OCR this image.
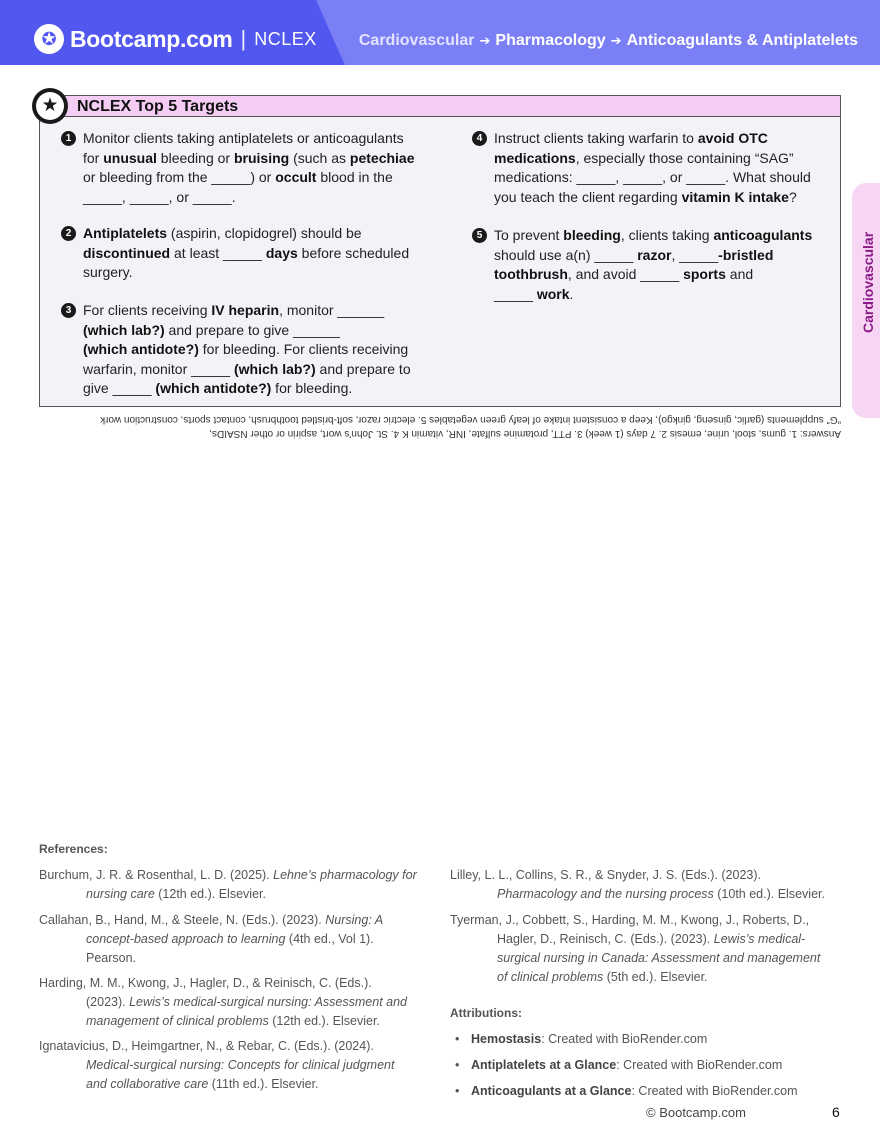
✪ Bootcamp.com | NCLEX	Cardiovascular ➔ Pharmacology ➔ Anticoagulants & Antiplatelets
Cardiovascular
NCLEX Top 5 Targets
★
1 Monitor clients taking antiplatelets or anticoagulants

for unusual bleeding or bruising (such as petechiae

or bleeding from the _____) or occult blood in the

_____, _____, or _____.

2 Antiplatelets (aspirin, clopidogrel) should be

discontinued at least _____ days before scheduled

surgery.

3 For clients receiving IV heparin, monitor ______

(which lab?) and prepare to give ______

(which antidote?) for bleeding. For clients receiving

warfarin, monitor _____ (which lab?) and prepare to

give _____ (which antidote?) for bleeding.

4 Instruct clients taking warfarin to avoid OTC

medications, especially those containing “SAG”

medications: _____, _____, or _____. What should

you teach the client regarding vitamin K intake?

5 To prevent bleeding, clients taking anticoagulants

should use a(n) _____ razor, _____-bristled

toothbrush, and avoid _____ sports and

_____ work.

Answers: 1. gums, stool, urine, emesis 2. 7 days (1 week) 3. PTT, protamine sulfate, INR, vitamin K 4. St. John’s wort, aspirin or other NSAIDs,

“G” supplements (garlic, ginseng, ginkgo), Keep a consistent intake of leafy green vegetables 5. electric razor, soft-bristled toothbrush, contact sports, construction work

References:

Burchum, J. R. & Rosenthal, L. D. (2025). Lehne’s pharmacology for

nursing care (12th ed.). Elsevier.

Callahan, B., Hand, M., & Steele, N. (Eds.). (2023). Nursing: A

concept-based approach to learning (4th ed., Vol 1).

Pearson.

Harding, M. M., Kwong, J., Hagler, D., & Reinisch, C. (Eds.).

(2023). Lewis’s medical-surgical nursing: Assessment and

management of clinical problems (12th ed.). Elsevier.

Ignatavicius, D., Heimgartner, N., & Rebar, C. (Eds.). (2024).

Medical-surgical nursing: Concepts for clinical judgment

and collaborative care (11th ed.). Elsevier.

Lilley, L. L., Collins, S. R., & Snyder, J. S. (Eds.). (2023).

Pharmacology and the nursing process (10th ed.). Elsevier.

Tyerman, J., Cobbett, S., Harding, M. M., Kwong, J., Roberts, D.,

Hagler, D., Reinisch, C. (Eds.). (2023). Lewis’s medical-

surgical nursing in Canada: Assessment and management

of clinical problems (5th ed.). Elsevier.

Attributions:
• Hemostasis: Created with BioRender.com
• Antiplatelets at a Glance: Created with BioRender.com
• Anticoagulants at a Glance: Created with BioRender.com
© Bootcamp.com	6
